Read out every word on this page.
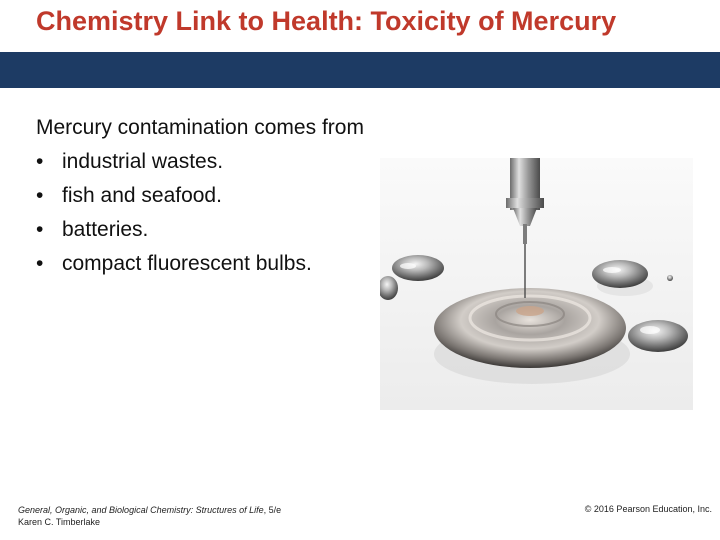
Chemistry Link to Health: Toxicity of Mercury
Mercury contamination comes from
• industrial wastes.
• fish and seafood.
• batteries.
• compact fluorescent bulbs.
General, Organic, and Biological Chemistry: Structures of Life, 5/e
Karen C. Timberlake
© 2016 Pearson Education, Inc.
